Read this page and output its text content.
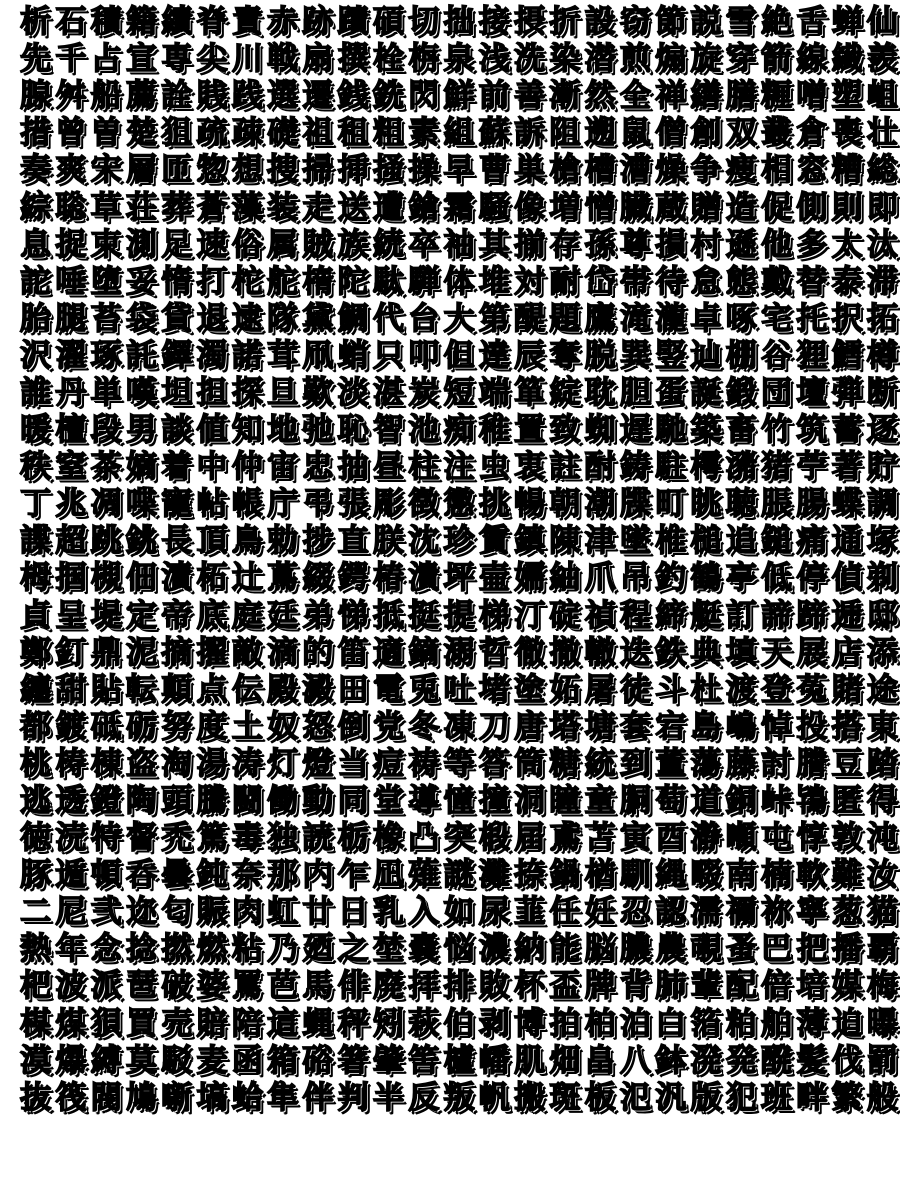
析 石 積 籍 績 脊 責 赤 跡 蹟 碩 切 拙 接 摂 折 設 窃 節 説 雪 絶 舌 蝉 仙
先 千 占 宣 専 尖 川 戦 扇 撰 栓 栴 泉 浅 洗 染 潜 煎 煽 旋 穿 箭 線 繊 羨
腺 舛 船 薦 詮 賎 践 選 遷 銭 銑 閃 鮮 前 善 漸 然 全 禅 繕 膳 糎 噌 塑 岨
措 曾 曽 楚 狙 疏 疎 礎 祖 租 粗 素 組 蘇 訴 阻 遡 鼠 僧 創 双 叢 倉 喪 壮
奏 爽 宋 層 匝 惣 想 捜 掃 挿 掻 操 早 曹 巣 槍 槽 漕 燥 争 痩 相 窓 糟 総
綜 聡 草 荘 葬 蒼 藻 装 走 送 遭 鎗 霜 騒 像 増 憎 臓 蔵 贈 造 促 側 則 即
息 捉 束 測 足 速 俗 属 賊 族 続 卒 袖 其 揃 存 孫 尊 損 村 遜 他 多 太 汰
詑 唾 堕 妥 惰 打 柁 舵 楕 陀 駄 騨 体 堆 対 耐 岱 帯 待 怠 態 戴 替 泰 滞
胎 腿 苔 袋 貸 退 逮 隊 黛 鯛 代 台 大 第 醍 題 鷹 滝 瀧 卓 啄 宅 托 択 拓
沢 濯 琢 託 鐸 濁 諾 茸 凧 蛸 只 叩 但 達 辰 奪 脱 巽 竪 辿 棚 谷 狸 鱈 樽
誰 丹 単 嘆 坦 担 探 旦 歎 淡 湛 炭 短 端 箪 綻 耽 胆 蛋 誕 鍛 団 壇 弾 断
暖 檀 段 男 談 値 知 地 弛 恥 智 池 痴 稚 置 致 蜘 遅 馳 築 畜 竹 筑 蓄 逐
秩 窒 茶 嫡 着 中 仲 宙 忠 抽 昼 柱 注 虫 衷 註 酎 鋳 駐 樗 瀦 猪 苧 著 貯
丁 兆 凋 喋 寵 帖 帳 庁 弔 張 彫 徴 懲 挑 暢 朝 潮 牒 町 眺 聴 脹 腸 蝶 調
諜 超 跳 銚 長 頂 鳥 勅 捗 直 朕 沈 珍 賃 鎮 陳 津 墜 椎 槌 追 鎚 痛 通 塚
栂 掴 槻 佃 漬 柘 辻 蔦 綴 鍔 椿 潰 坪 壷 嬬 紬 爪 吊 釣 鶴 亭 低 停 偵 剃
貞 呈 堤 定 帝 底 庭 廷 弟 悌 抵 挺 提 梯 汀 碇 禎 程 締 艇 訂 諦 蹄 逓 邸
鄭 釘 鼎 泥 摘 擢 敵 滴 的 笛 適 鏑 溺 哲 徹 撤 轍 迭 鉄 典 填 天 展 店 添
纏 甜 貼 転 顛 点 伝 殿 澱 田 電 兎 吐 堵 塗 妬 屠 徒 斗 杜 渡 登 菟 賭 途
都 鍍 砥 砺 努 度 土 奴 怒 倒 党 冬 凍 刀 唐 塔 塘 套 宕 島 嶋 悼 投 搭 東
桃 梼 棟 盗 淘 湯 涛 灯 燈 当 痘 祷 等 答 筒 糖 統 到 董 蕩 藤 討 謄 豆 踏
逃 透 鐙 陶 頭 騰 闘 働 動 同 堂 導 憧 撞 洞 瞳 童 胴 萄 道 銅 峠 鴇 匿 得
徳 涜 特 督 禿 篤 毒 独 読 栃 橡 凸 突 椴 届 鳶 苫 寅 酉 瀞 噸 屯 惇 敦 沌
豚 遁 頓 呑 曇 鈍 奈 那 内 乍 凪 薙 謎 灘 捺 鍋 楢 馴 縄 畷 南 楠 軟 難 汝
二 尼 弐 迩 匂 賑 肉 虹 廿 日 乳 入 如 尿 韮 任 妊 忍 認 濡 禰 祢 寧 葱 猫
熱 年 念 捻 撚 燃 粘 乃 廼 之 埜 嚢 悩 濃 納 能 脳 膿 農 覗 蚤 巴 把 播 覇
杷 波 派 琶 破 婆 罵 芭 馬 俳 廃 拝 排 敗 杯 盃 牌 背 肺 輩 配 倍 培 媒 梅
楳 煤 狽 買 売 賠 陪 這 蝿 秤 矧 萩 伯 剥 博 拍 柏 泊 白 箔 粕 舶 薄 迫 曝
漠 爆 縛 莫 駁 麦 函 箱 硲 箸 肇 筈 櫨 幡 肌 畑 畠 八 鉢 溌 発 醗 髪 伐 罰
抜 筏 閥 鳩 噺 塙 蛤 隼 伴 判 半 反 叛 帆 搬 斑 板 氾 汎 版 犯 班 畔 繁 般
